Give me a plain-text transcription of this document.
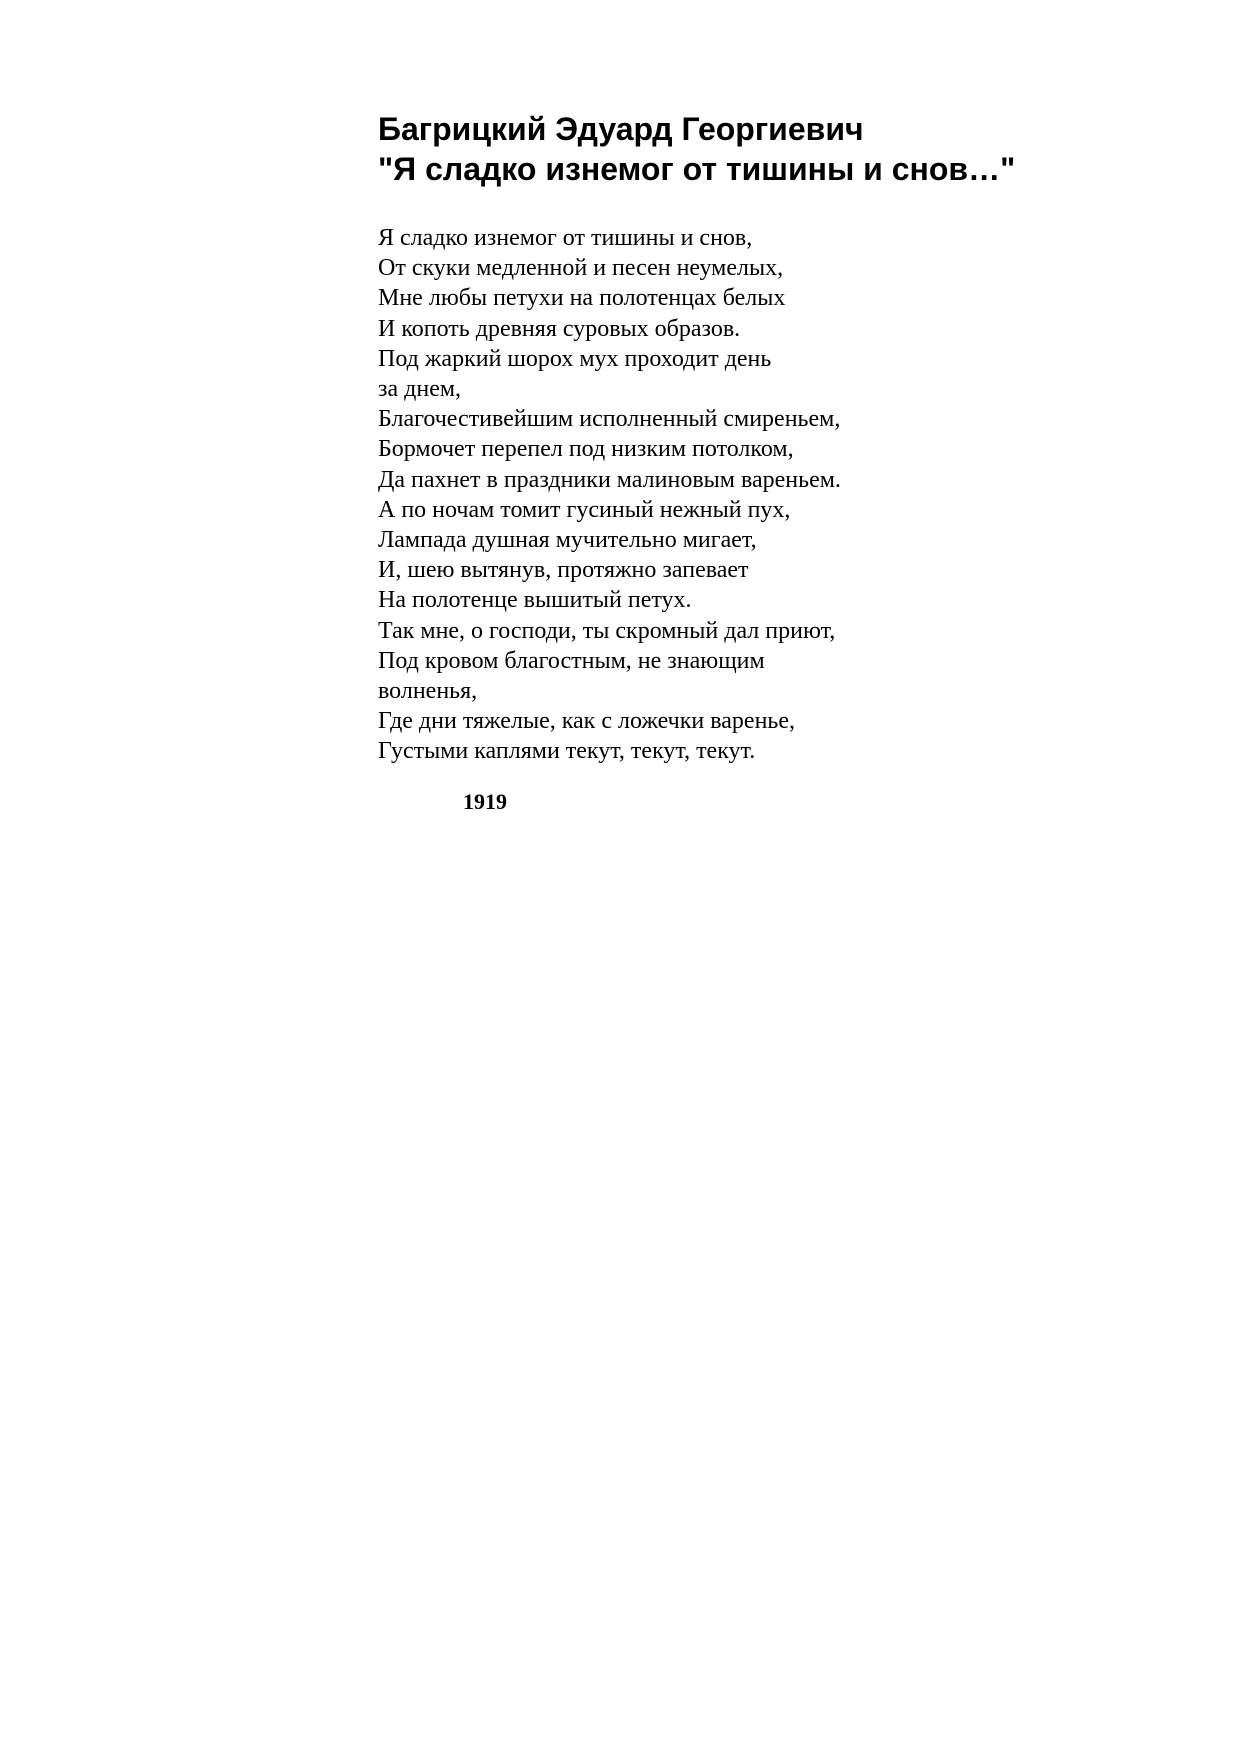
Багрицкий Эдуард Георгиевич

"Я сладко изнемог от тишины и снов…"

Я сладко изнемог от тишины и снов,
От скуки медленной и песен неумелых,
Мне любы петухи на полотенцах белых
И копоть древняя суровых образов.
Под жаркий шорох мух проходит день
за днем,
Благочестивейшим исполненный смиреньем,
Бормочет перепел под низким потолком,
Да пахнет в праздники малиновым вареньем.
А по ночам томит гусиный нежный пух,
Лампада душная мучительно мигает,
И, шею вытянув, протяжно запевает
На полотенце вышитый петух.
Так мне, о господи, ты скромный дал приют,
Под кровом благостным, не знающим
волненья,
Где дни тяжелые, как с ложечки варенье,
Густыми каплями текут, текут, текут.
1919
